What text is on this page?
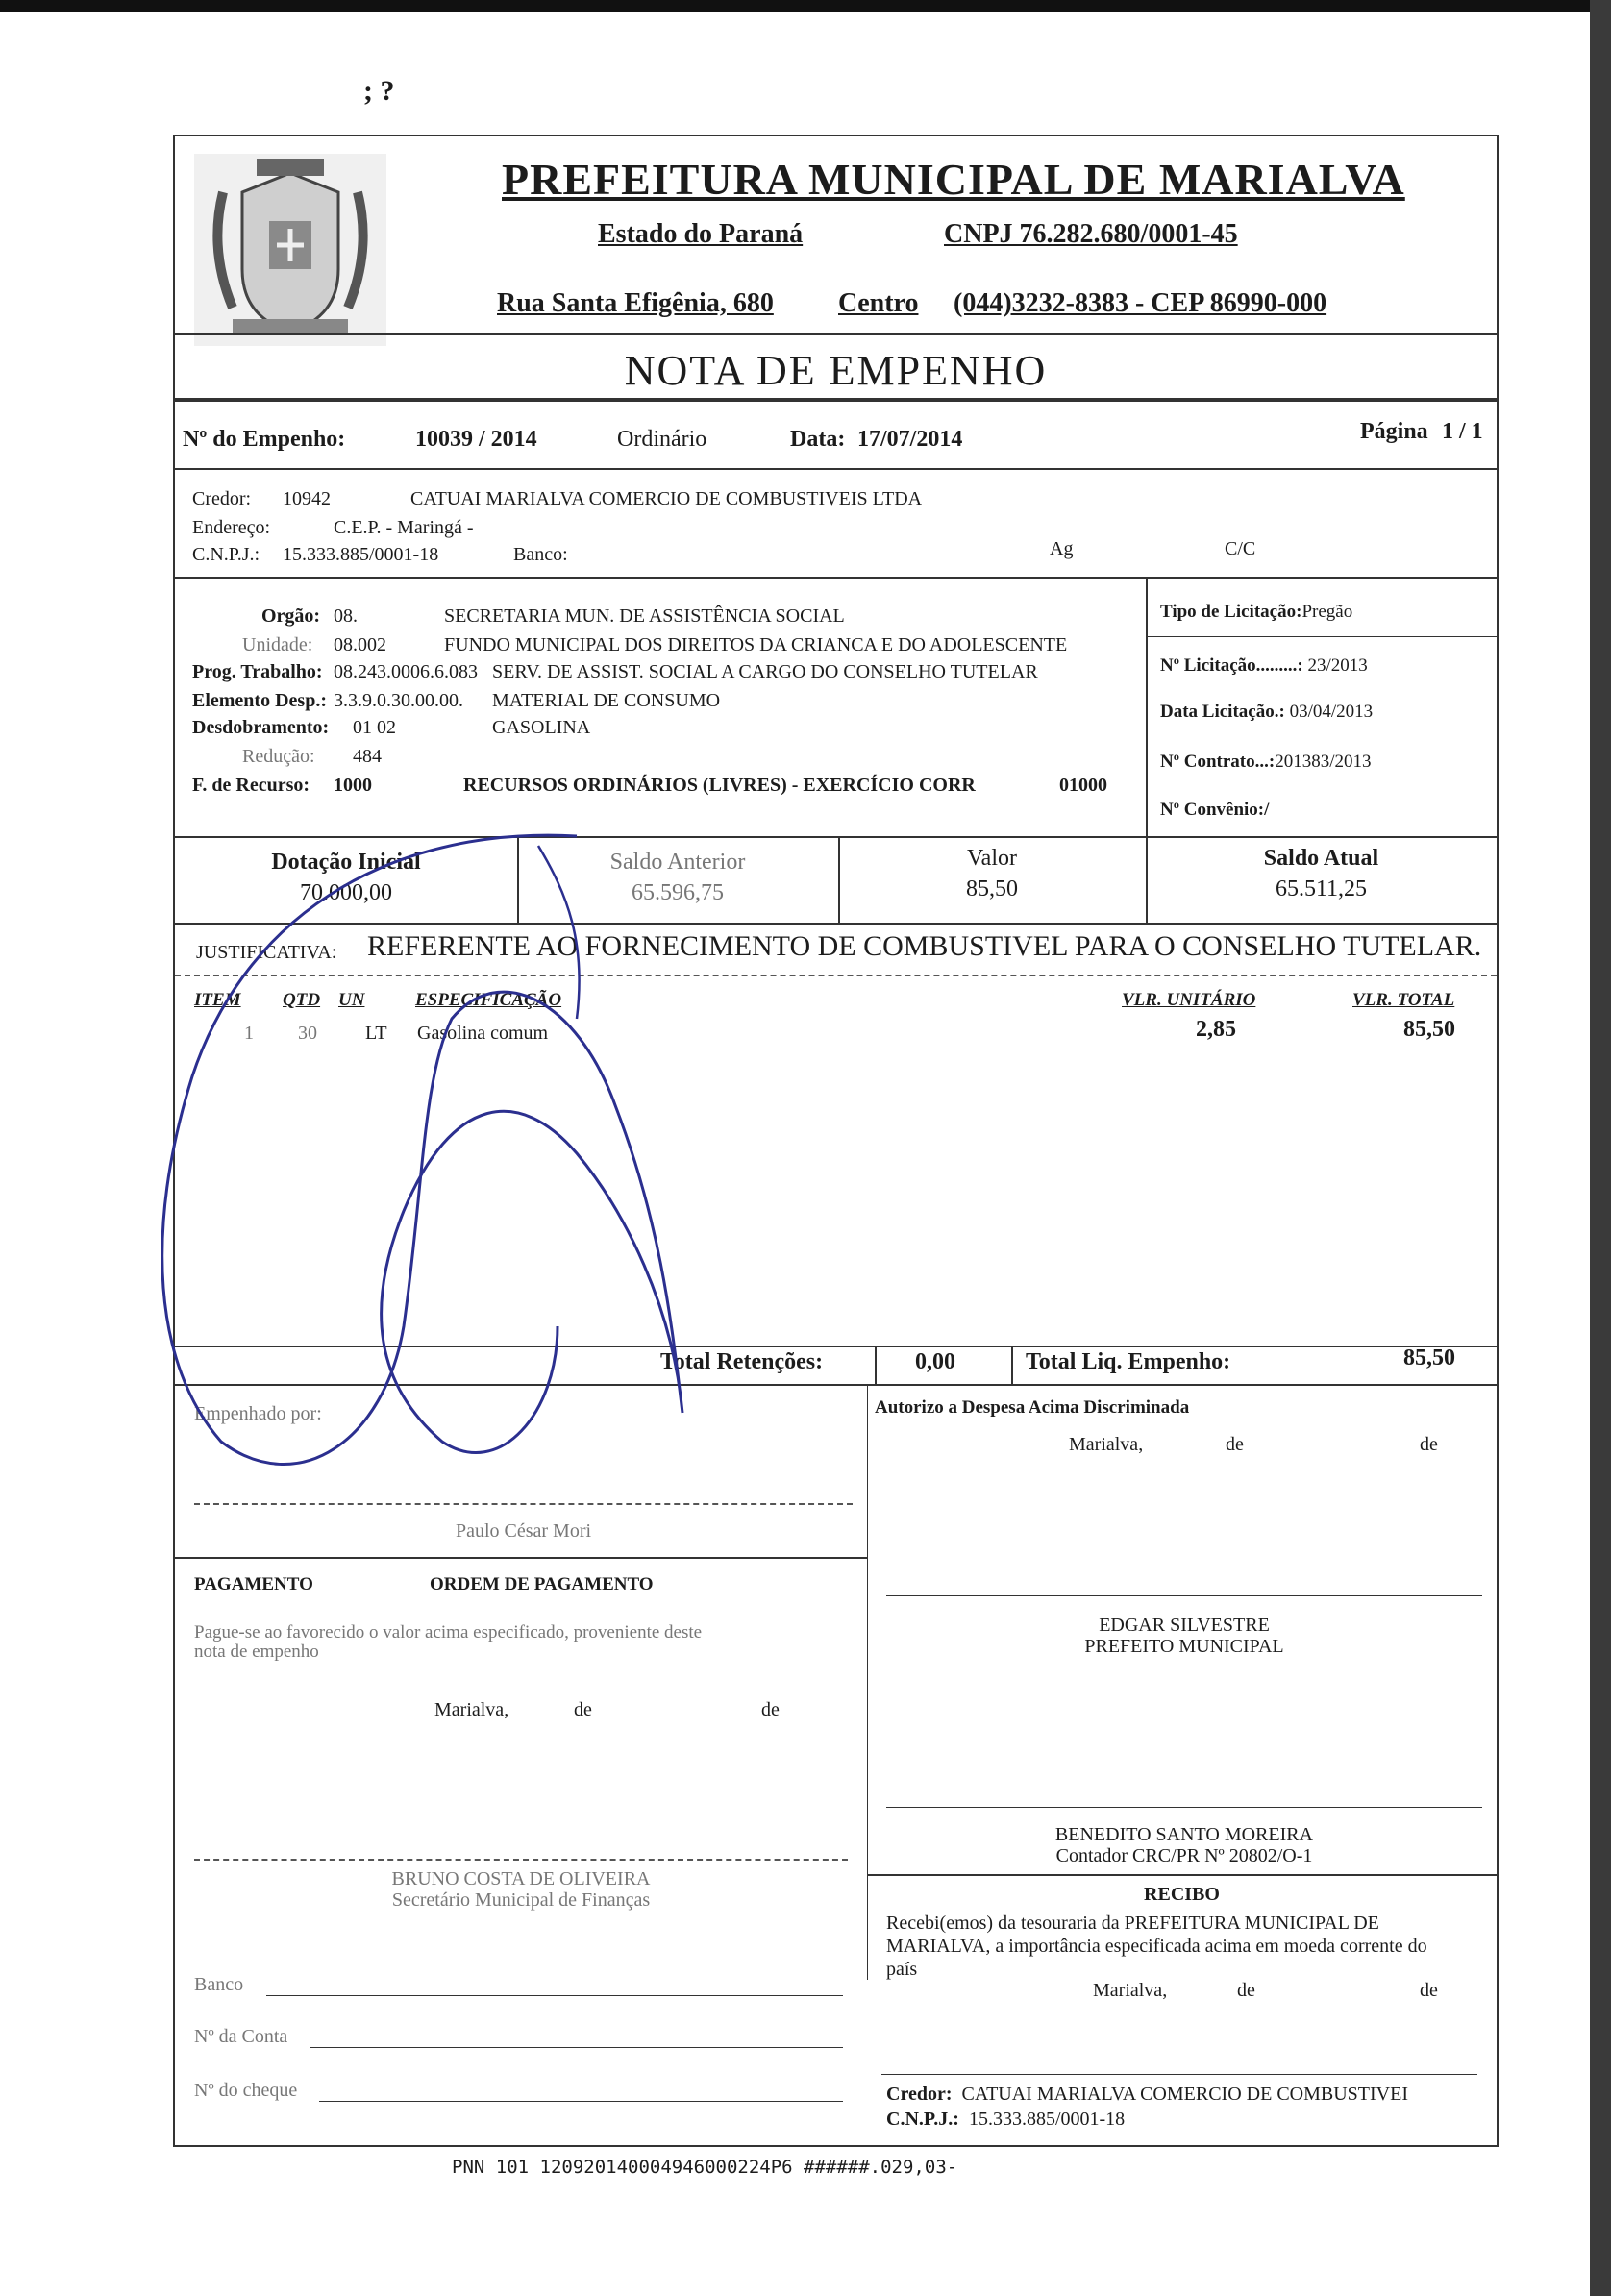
; ?
PREFEITURA MUNICIPAL DE MARIALVA
Estado do Paraná	CNPJ 76.282.680/0001-45
Rua Santa Efigênia, 680 Centro (044)3232-8383 - CEP 86990-000
NOTA DE EMPENHO
Nº do Empenho:	10039 / 2014	Ordinário	Data: 17/07/2014	Página 1 / 1
Credor: 10942	CATUAI MARIALVA COMERCIO DE COMBUSTIVEIS LTDA
Endereço:	C.E.P. - Maringá -
C.N.P.J.: 15.333.885/0001-18	Banco:	Ag	C/C
Orgão: 08.	SECRETARIA MUN. DE ASSISTÊNCIA SOCIAL
Unidade: 08.002	FUNDO MUNICIPAL DOS DIREITOS DA CRIANCA E DO ADOLESCENTE
Prog. Trabalho: 08.243.0006.6.083 SERV. DE ASSIST. SOCIAL A CARGO DO CONSELHO TUTELAR
Elemento Desp.: 3.3.9.0.30.00.00. MATERIAL DE CONSUMO
Desdobramento: 01 02	GASOLINA
Redução: 484
F. de Recurso: 1000	RECURSOS ORDINÁRIOS (LIVRES) - EXERCÍCIO CORR	01000
Tipo de Licitação:Pregão
Nº Licitação.........: 23/2013
Data Licitação.: 03/04/2013
Nº Contrato...:201383/2013
Nº Convênio:/
Dotação Inicial
70.000,00
Saldo Anterior
65.596,75
Valor
85,50
Saldo Atual
65.511,25
JUSTIFICATIVA: REFERENTE AO FORNECIMENTO DE COMBUSTIVEL PARA O CONSELHO TUTELAR.
ITEM QTD UN	ESPECIFICAÇÃO	VLR. UNITÁRIO	VLR. TOTAL
1 30	LT Gasolina comum	2,85	85,50
Total Retenções:	0,00	Total Liq. Empenho:	85,50
Empenhado por:
Paulo César Mori
Autorizo a Despesa Acima Discriminada
Marialva,	de	de
PAGAMENTO	ORDEM DE PAGAMENTO
Pague-se ao favorecido o valor acima especificado, proveniente deste
nota de empenho
Marialva,	de	de
EDGAR SILVESTRE
PREFEITO MUNICIPAL
BENEDITO SANTO MOREIRA
Contador CRC/PR Nº 20802/O-1
BRUNO COSTA DE OLIVEIRA
Secretário Municipal de Finanças	RECIBO
Recebi(emos) da tesouraria da PREFEITURA MUNICIPAL DE
MARIALVA, a importância especificada acima em moeda corrente do
país
Marialva,	de	de
Banco
Nº da Conta
Nº do cheque	Credor: CATUAI MARIALVA COMERCIO DE COMBUSTIVEI
C.N.P.J.: 15.333.885/0001-18
PNN 101 120920140004946000224P6 ######.029,03-
